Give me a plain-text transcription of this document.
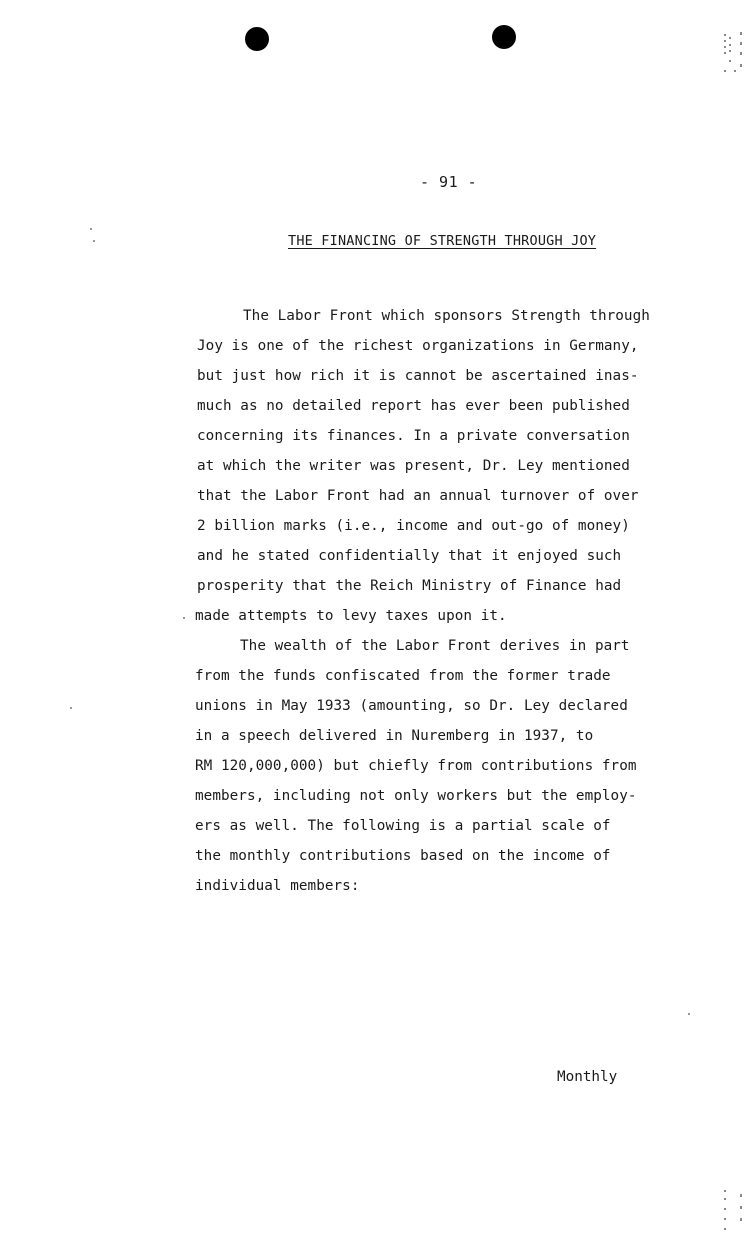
- 91 -
THE FINANCING OF STRENGTH THROUGH JOY
The Labor Front which sponsors Strength through
Joy is one of the richest organizations in Germany,
but just how rich it is cannot be ascertained inas-
much as no detailed report has ever been published
concerning its finances. In a private conversation
at which the writer was present, Dr. Ley mentioned
that the Labor Front had an annual turnover of over
2 billion marks (i.e., income and out-go of money)
and he stated confidentially that it enjoyed such
prosperity that the Reich Ministry of Finance had
made attempts to levy taxes upon it.
The wealth of the Labor Front derives in part
from the funds confiscated from the former trade
unions in May 1933 (amounting, so Dr. Ley declared
in a speech delivered in Nuremberg in 1937, to
RM 120,000,000) but chiefly from contributions from
members, including not only workers but the employ-
ers as well. The following is a partial scale of
the monthly contributions based on the income of
individual members:
Monthly
